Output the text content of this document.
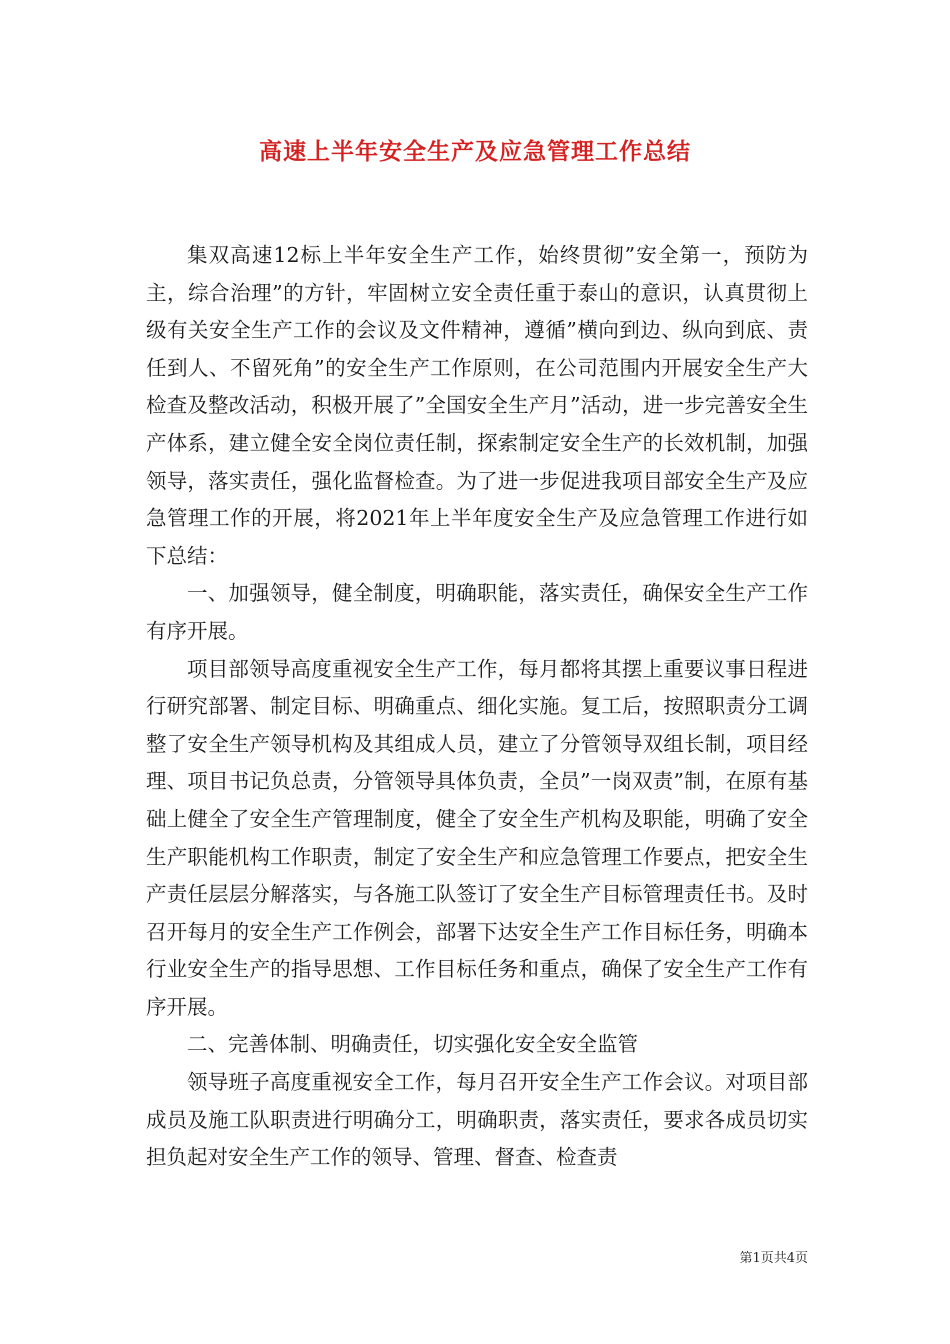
高速上半年安全生产及应急管理工作总结

集双高速12标上半年安全生产工作，始终贯彻”安全第一，预防为主，综合治理”的方针，牢固树立安全责任重于泰山的意识，认真贯彻上级有关安全生产工作的会议及文件精神，遵循”横向到边、纵向到底、责任到人、不留死角”的安全生产工作原则，在公司范围内开展安全生产大检查及整改活动，积极开展了”全国安全生产月”活动，进一步完善安全生产体系，建立健全安全岗位责任制，探索制定安全生产的长效机制，加强领导，落实责任，强化监督检查。为了进一步促进我项目部安全生产及应急管理工作的开展，将2021年上半年度安全生产及应急管理工作进行如下总结：

一、加强领导，健全制度，明确职能，落实责任，确保安全生产工作有序开展。

项目部领导高度重视安全生产工作，每月都将其摆上重要议事日程进行研究部署、制定目标、明确重点、细化实施。复工后，按照职责分工调整了安全生产领导机构及其组成人员，建立了分管领导双组长制，项目经理、项目书记负总责，分管领导具体负责，全员”一岗双责”制，在原有基础上健全了安全生产管理制度，健全了安全生产机构及职能，明确了安全生产职能机构工作职责，制定了安全生产和应急管理工作要点，把安全生产责任层层分解落实，与各施工队签订了安全生产目标管理责任书。及时召开每月的安全生产工作例会，部署下达安全生产工作目标任务，明确本行业安全生产的指导思想、工作目标任务和重点，确保了安全生产工作有序开展。

二、完善体制、明确责任，切实强化安全安全监管

领导班子高度重视安全工作，每月召开安全生产工作会议。对项目部成员及施工队职责进行明确分工，明确职责，落实责任，要求各成员切实担负起对安全生产工作的领导、管理、督查、检查责

第1页共4页
